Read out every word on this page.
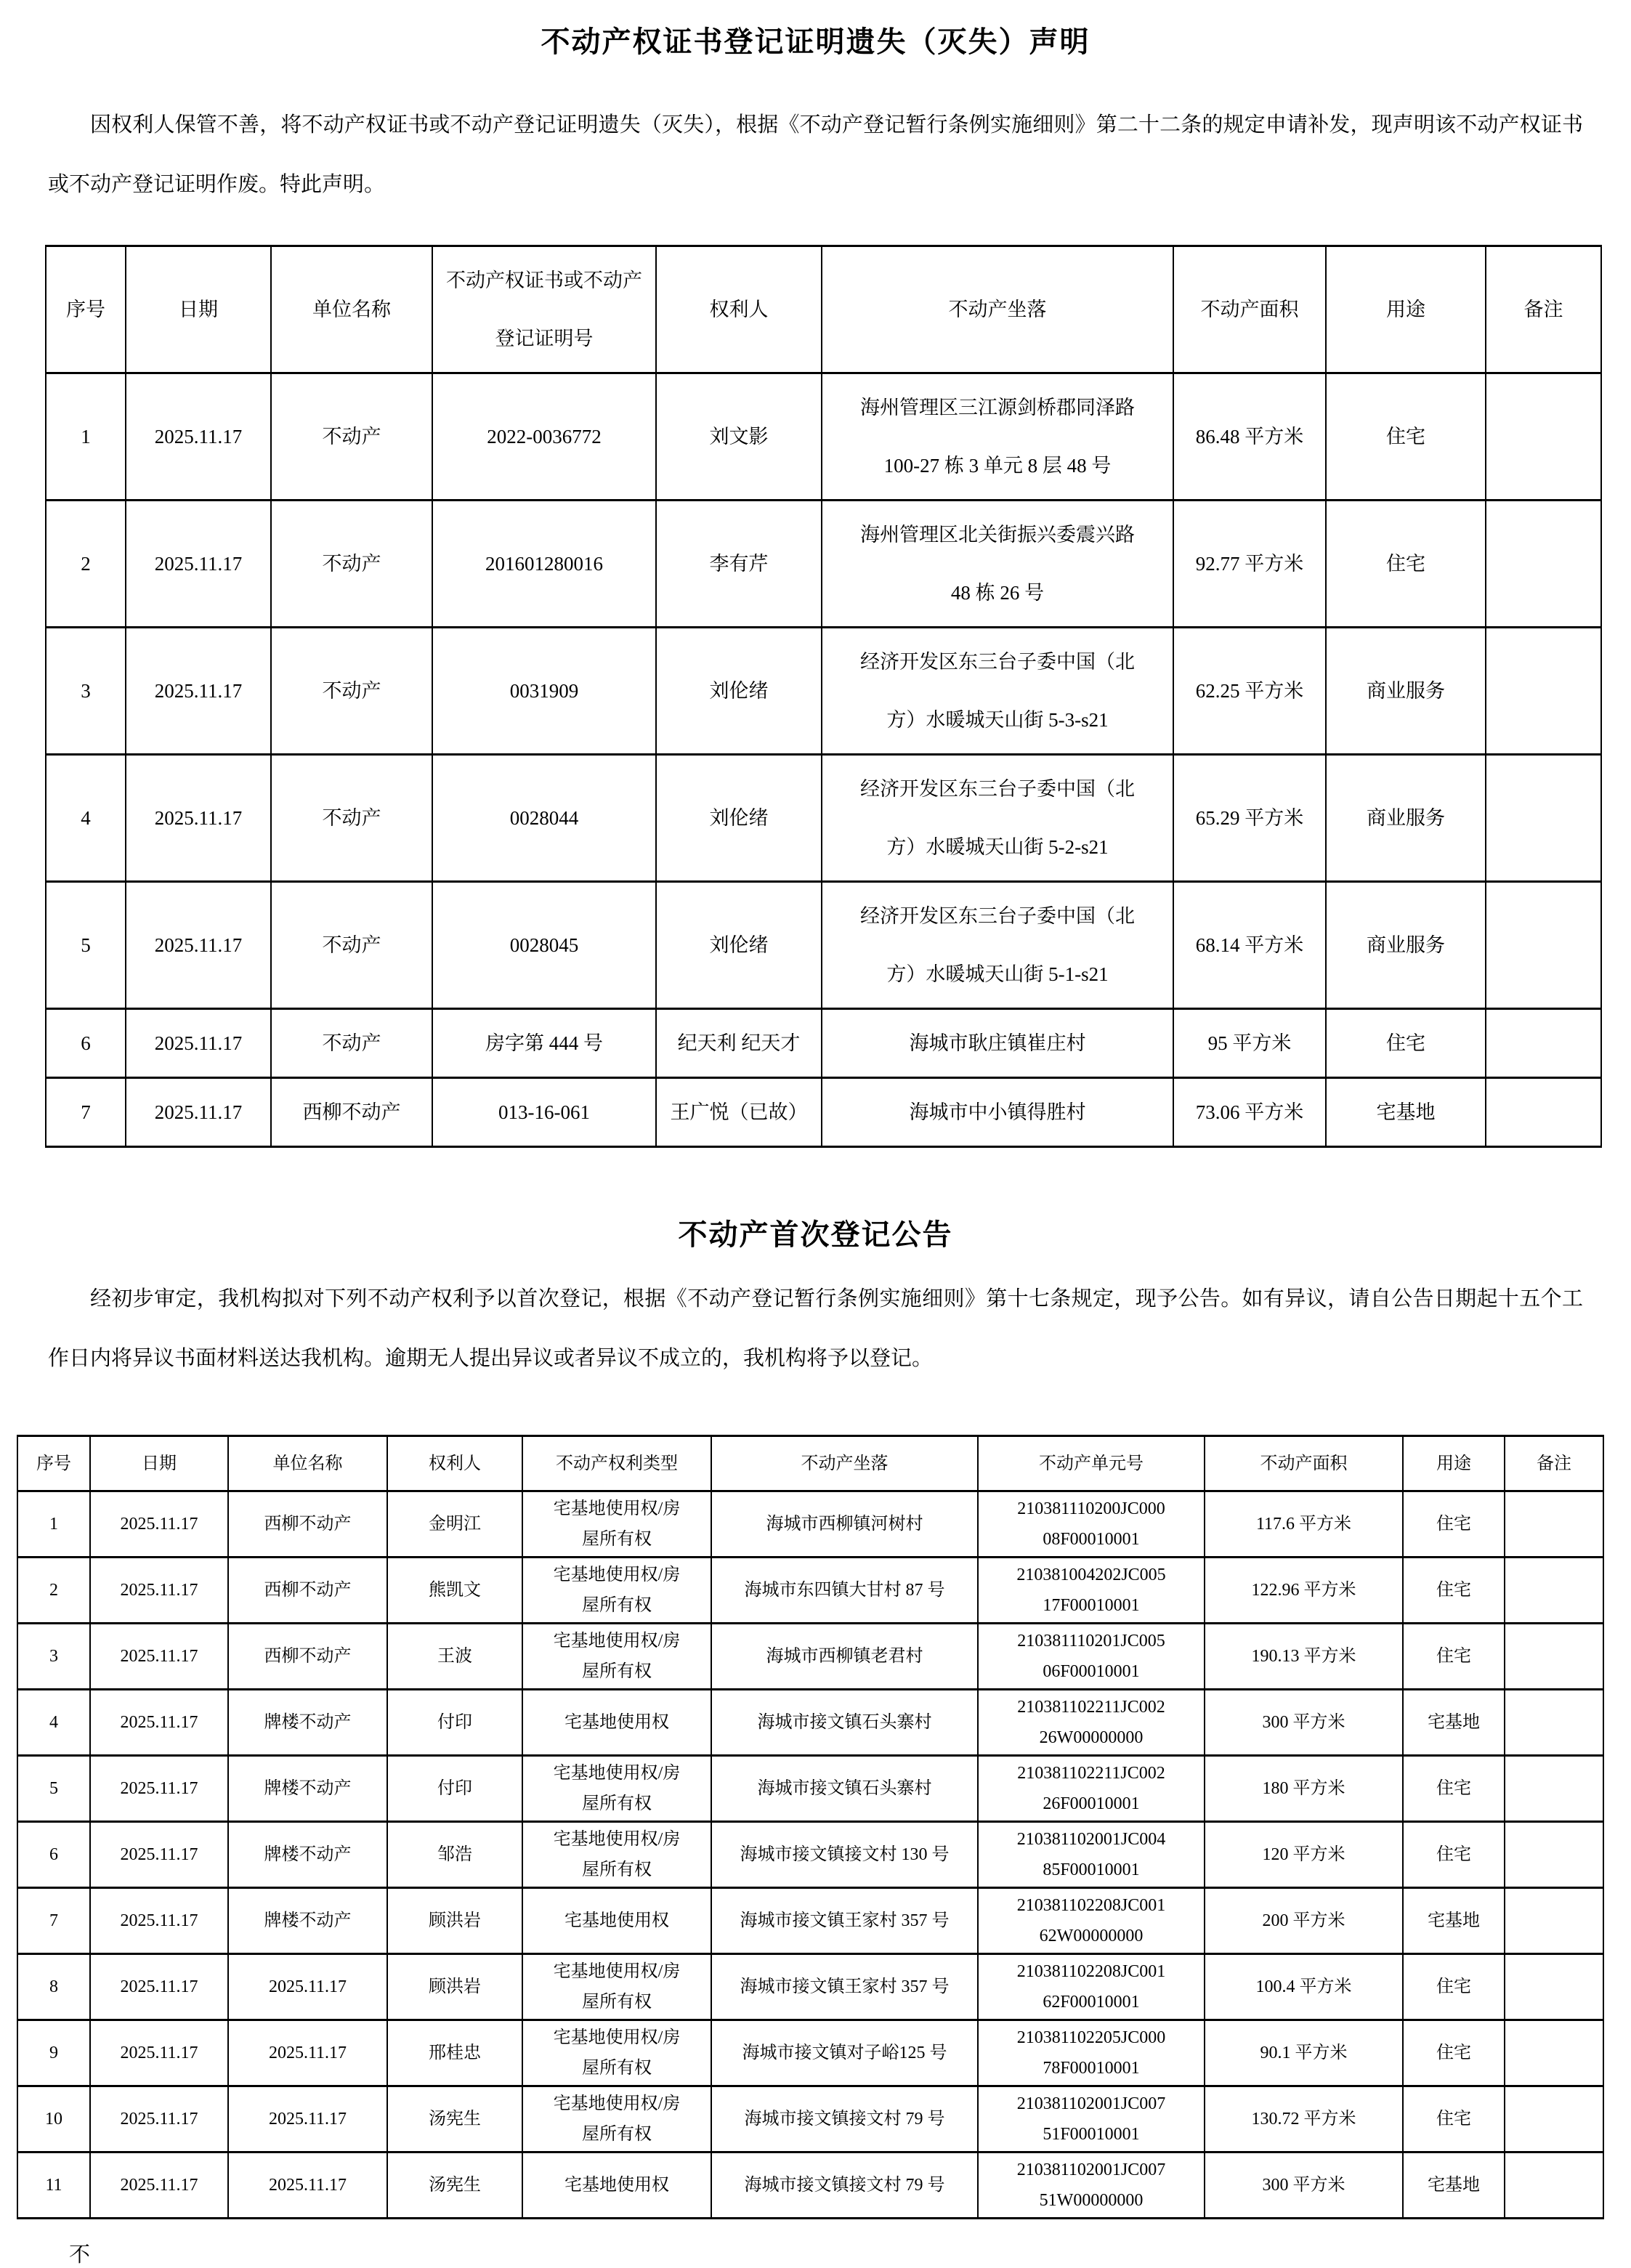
不动产权证书登记证明遗失（灭失）声明

因权利人保管不善，将不动产权证书或不动产登记证明遗失（灭失），根据《不动产登记暂行条例实施细则》第二十二条的规定申请补发，现声明该不动产权证书或不动产登记证明作废。特此声明。

序号	日期	单位名称	不动产权证书或不动产登记证明号	权利人	不动产坐落	不动产面积	用途	备注
1	2025.11.17	不动产	2022-0036772	刘文影	海州管理区三江源剑桥郡同泽路 100-27 栋 3 单元 8 层 48 号	86.48 平方米	住宅	
2	2025.11.17	不动产	201601280016	李有芹	海州管理区北关街振兴委震兴路 48 栋 26 号	92.77 平方米	住宅	
3	2025.11.17	不动产	0031909	刘伦绪	经济开发区东三台子委中国（北方）水暖城天山街 5-3-s21	62.25 平方米	商业服务	
4	2025.11.17	不动产	0028044	刘伦绪	经济开发区东三台子委中国（北方）水暖城天山街 5-2-s21	65.29 平方米	商业服务	
5	2025.11.17	不动产	0028045	刘伦绪	经济开发区东三台子委中国（北方）水暖城天山街 5-1-s21	68.14 平方米	商业服务	
6	2025.11.17	不动产	房字第 444 号	纪天利 纪天才	海城市耿庄镇崔庄村	95 平方米	住宅	
7	2025.11.17	西柳不动产	013-16-061	王广悦（已故）	海城市中小镇得胜村	73.06 平方米	宅基地	
不动产首次登记公告

经初步审定，我机构拟对下列不动产权利予以首次登记，根据《不动产登记暂行条例实施细则》第十七条规定，现予公告。如有异议，请自公告日期起十五个工作日内将异议书面材料送达我机构。逾期无人提出异议或者异议不成立的，我机构将予以登记。

序号	日期	单位名称	权利人	不动产权利类型	不动产坐落	不动产单元号	不动产面积	用途	备注
1	2025.11.17	西柳不动产	金明江	宅基地使用权/房屋所有权	海城市西柳镇河树村	210381110200JC00008F00010001	117.6 平方米	住宅	
2	2025.11.17	西柳不动产	熊凯文	宅基地使用权/房屋所有权	海城市东四镇大甘村 87 号	210381004202JC00517F00010001	122.96 平方米	住宅	
3	2025.11.17	西柳不动产	王波	宅基地使用权/房屋所有权	海城市西柳镇老君村	210381110201JC00506F00010001	190.13 平方米	住宅	
4	2025.11.17	牌楼不动产	付印	宅基地使用权	海城市接文镇石头寨村	210381102211JC00226W00000000	300 平方米	宅基地	
5	2025.11.17	牌楼不动产	付印	宅基地使用权/房屋所有权	海城市接文镇石头寨村	210381102211JC00226F00010001	180 平方米	住宅	
6	2025.11.17	牌楼不动产	邹浩	宅基地使用权/房屋所有权	海城市接文镇接文村 130 号	210381102001JC00485F00010001	120 平方米	住宅	
7	2025.11.17	牌楼不动产	顾洪岩	宅基地使用权	海城市接文镇王家村 357 号	210381102208JC00162W00000000	200 平方米	宅基地	
8	2025.11.17	2025.11.17	顾洪岩	宅基地使用权/房屋所有权	海城市接文镇王家村 357 号	210381102208JC00162F00010001	100.4 平方米	住宅	
9	2025.11.17	2025.11.17	邢桂忠	宅基地使用权/房屋所有权	海城市接文镇对子峪125 号	210381102205JC00078F00010001	90.1 平方米	住宅	
10	2025.11.17	2025.11.17	汤宪生	宅基地使用权/房屋所有权	海城市接文镇接文村 79 号	210381102001JC00751F00010001	130.72 平方米	住宅	
11	2025.11.17	2025.11.17	汤宪生	宅基地使用权	海城市接文镇接文村 79 号	210381102001JC00751W00000000	300 平方米	宅基地	

不
